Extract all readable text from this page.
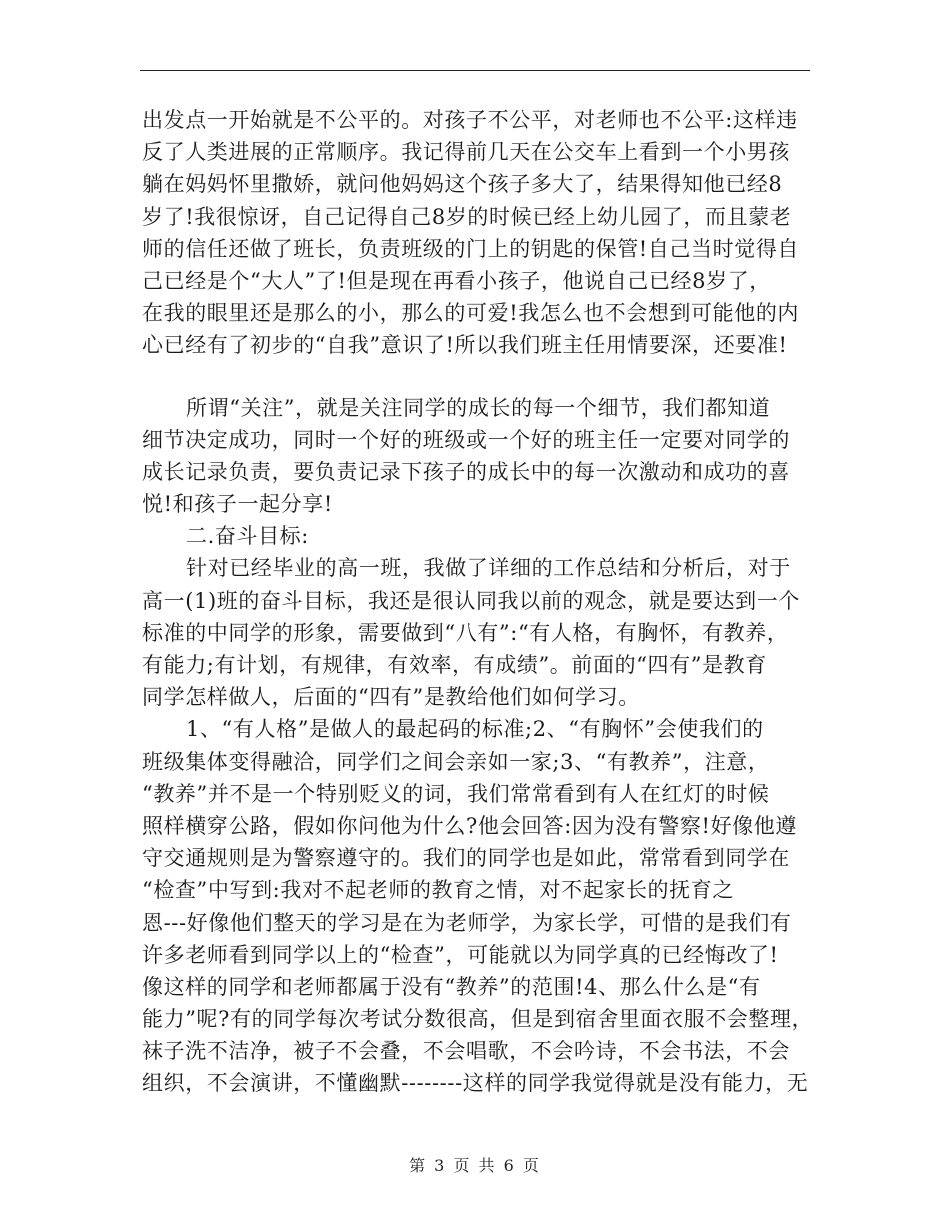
出发点一开始就是不公平的。对孩子不公平，对老师也不公平:这样违
反了人类进展的正常顺序。我记得前几天在公交车上看到一个小男孩
躺在妈妈怀里撒娇，就问他妈妈这个孩子多大了，结果得知他已经8
岁了!我很惊讶，自己记得自己8岁的时候已经上幼儿园了，而且蒙老
师的信任还做了班长，负责班级的门上的钥匙的保管!自己当时觉得自
己已经是个“大人”了!但是现在再看小孩子，他说自己已经8岁了，
在我的眼里还是那么的小，那么的可爱!我怎么也不会想到可能他的内
心已经有了初步的“自我”意识了!所以我们班主任用情要深，还要准!
所谓“关注”，就是关注同学的成长的每一个细节，我们都知道
细节决定成功，同时一个好的班级或一个好的班主任一定要对同学的
成长记录负责，要负责记录下孩子的成长中的每一次激动和成功的喜
悦!和孩子一起分享!
二.奋斗目标:
针对已经毕业的高一班，我做了详细的工作总结和分析后，对于
高一(1)班的奋斗目标，我还是很认同我以前的观念，就是要达到一个
标准的中同学的形象，需要做到“八有”:“有人格，有胸怀，有教养，
有能力;有计划，有规律，有效率，有成绩”。前面的“四有”是教育
同学怎样做人，后面的“四有”是教给他们如何学习。
1、“有人格”是做人的最起码的标准;2、“有胸怀”会使我们的
班级集体变得融洽，同学们之间会亲如一家;3、“有教养”，注意，
“教养”并不是一个特别贬义的词，我们常常看到有人在红灯的时候
照样横穿公路，假如你问他为什么?他会回答:因为没有警察!好像他遵
守交通规则是为警察遵守的。我们的同学也是如此，常常看到同学在
“检查”中写到:我对不起老师的教育之情，对不起家长的抚育之
恩---好像他们整天的学习是在为老师学，为家长学，可惜的是我们有
许多老师看到同学以上的“检查”，可能就以为同学真的已经悔改了!
像这样的同学和老师都属于没有“教养”的范围!4、那么什么是“有
能力”呢?有的同学每次考试分数很高，但是到宿舍里面衣服不会整理，
袜子洗不洁净，被子不会叠，不会唱歌，不会吟诗，不会书法，不会
组织，不会演讲，不懂幽默--------这样的同学我觉得就是没有能力，无
第 3 页 共 6 页
